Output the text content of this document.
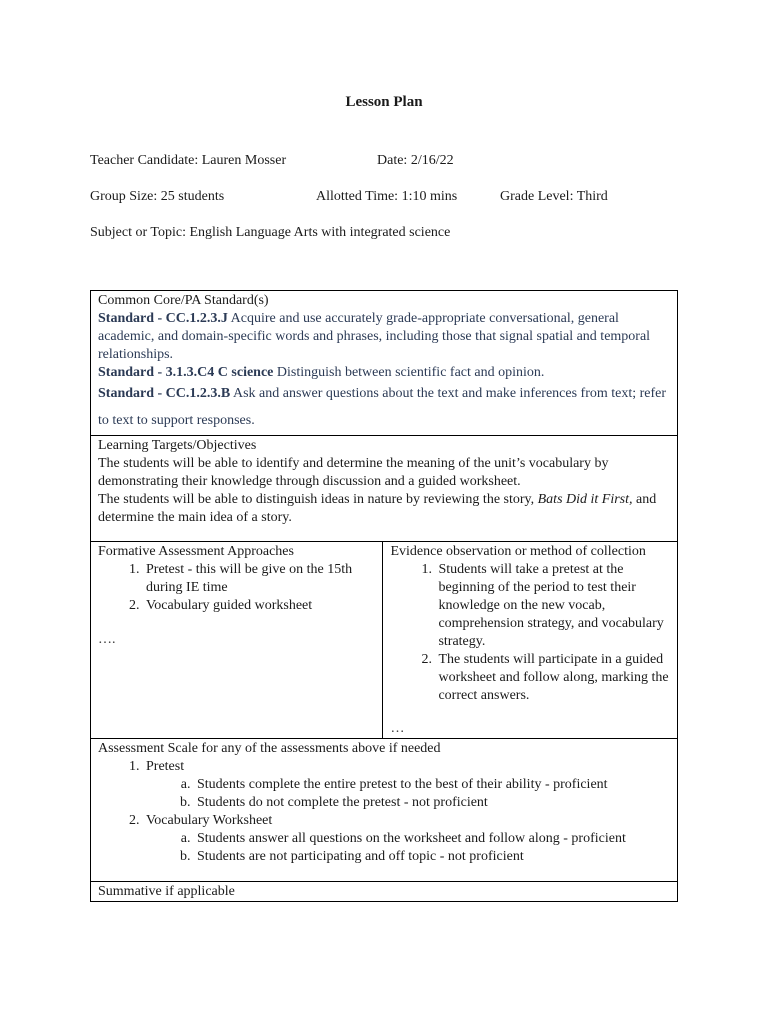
Lesson Plan
Teacher Candidate: Lauren Mosser	Date: 2/16/22
Group Size: 25 students	Allotted Time: 1:10 mins	Grade Level: Third
Subject or Topic: English Language Arts with integrated science
Common Core/PA Standard(s)
Standard - CC.1.2.3.J Acquire and use accurately grade-appropriate conversational, general academic, and domain-specific words and phrases, including those that signal spatial and temporal relationships.
Standard - 3.1.3.C4 C science Distinguish between scientific fact and opinion.
Standard - CC.1.2.3.B Ask and answer questions about the text and make inferences from text; refer to text to support responses.

Learning Targets/Objectives
The students will be able to identify and determine the meaning of the unit’s vocabulary by demonstrating their knowledge through discussion and a guided worksheet.
The students will be able to distinguish ideas in nature by reviewing the story, Bats Did it First, and determine the main idea of a story.

Formative Assessment Approaches
1. Pretest - this will be give on the 15th during IE time
2. Vocabulary guided worksheet
….

Evidence observation or method of collection
1. Students will take a pretest at the beginning of the period to test their knowledge on the new vocab, comprehension strategy, and vocabulary strategy.
2. The students will participate in a guided worksheet and follow along, marking the correct answers.
…

Assessment Scale for any of the assessments above if needed
1. Pretest
a. Students complete the entire pretest to the best of their ability - proficient
b. Students do not complete the pretest - not proficient
2. Vocabulary Worksheet
a. Students answer all questions on the worksheet and follow along - proficient
b. Students are not participating and off topic - not proficient

Summative if applicable
